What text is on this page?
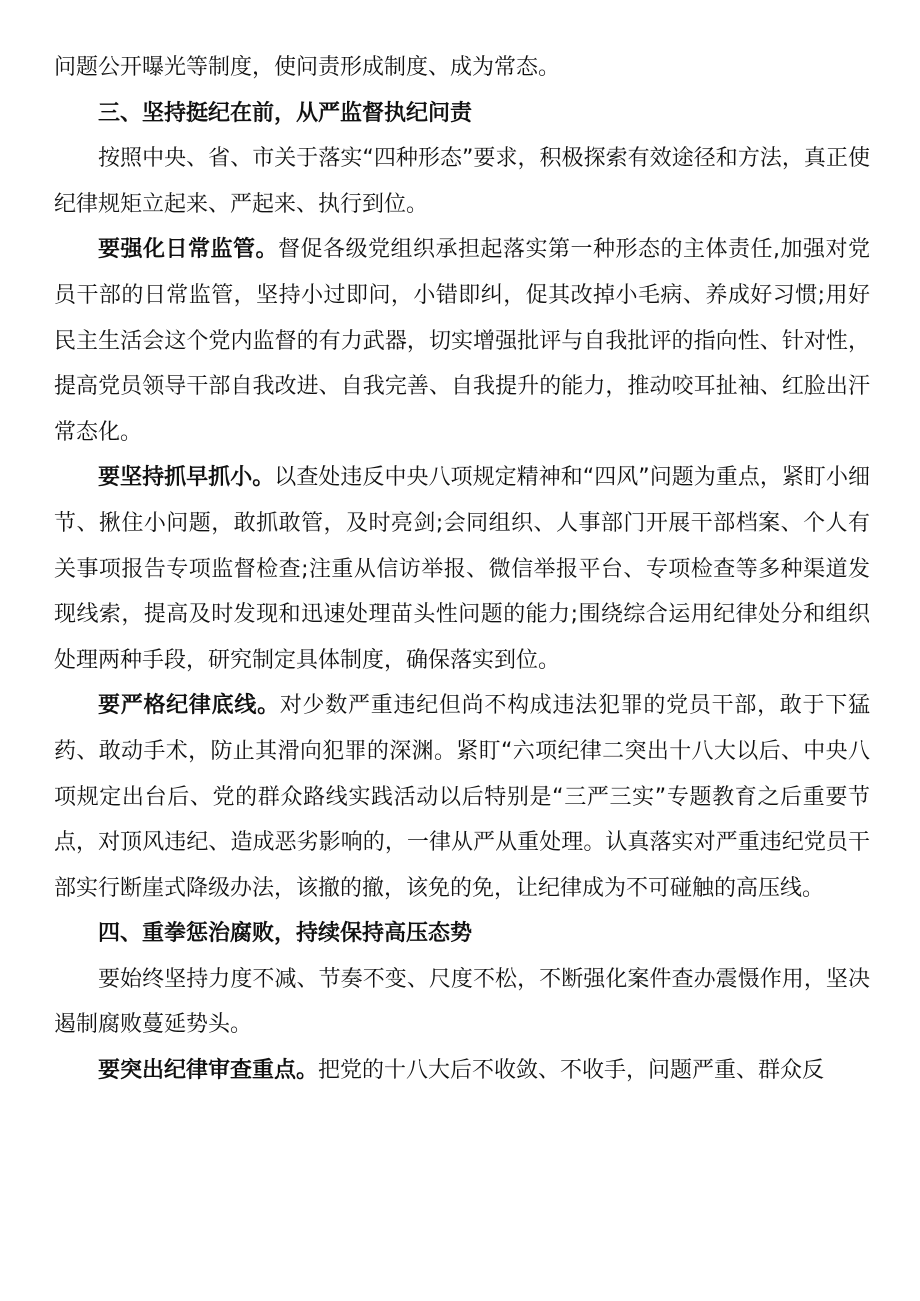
问题公开曝光等制度，使问责形成制度、成为常态。

三、坚持挺纪在前，从严监督执纪问责

按照中央、省、市关于落实“四种形态”要求，积极探索有效途径和方法，真正使纪律规矩立起来、严起来、执行到位。

要强化日常监管。督促各级党组织承担起落实第一种形态的主体责任,加强对党员干部的日常监管，坚持小过即问，小错即纠，促其改掉小毛病、养成好习惯;用好民主生活会这个党内监督的有力武器，切实增强批评与自我批评的指向性、针对性，提高党员领导干部自我改进、自我完善、自我提升的能力，推动咬耳扯袖、红脸出汗常态化。

要坚持抓早抓小。以查处违反中央八项规定精神和“四风”问题为重点，紧盯小细节、揪住小问题，敢抓敢管，及时亮剑;会同组织、人事部门开展干部档案、个人有关事项报告专项监督检查;注重从信访举报、微信举报平台、专项检查等多种渠道发现线索，提高及时发现和迅速处理苗头性问题的能力;围绕综合运用纪律处分和组织处理两种手段，研究制定具体制度，确保落实到位。

要严格纪律底线。对少数严重违纪但尚不构成违法犯罪的党员干部，敢于下猛药、敢动手术，防止其滑向犯罪的深渊。紧盯“六项纪律二突出十八大以后、中央八项规定出台后、党的群众路线实践活动以后特别是“三严三实”专题教育之后重要节点，对顶风违纪、造成恶劣影响的，一律从严从重处理。认真落实对严重违纪党员干部实行断崖式降级办法，该撤的撤，该免的免，让纪律成为不可碰触的高压线。

四、重拳惩治腐败，持续保持高压态势

要始终坚持力度不减、节奏不变、尺度不松，不断强化案件查办震慑作用，坚决遏制腐败蔓延势头。

要突出纪律审查重点。把党的十八大后不收敛、不收手，问题严重、群众反
